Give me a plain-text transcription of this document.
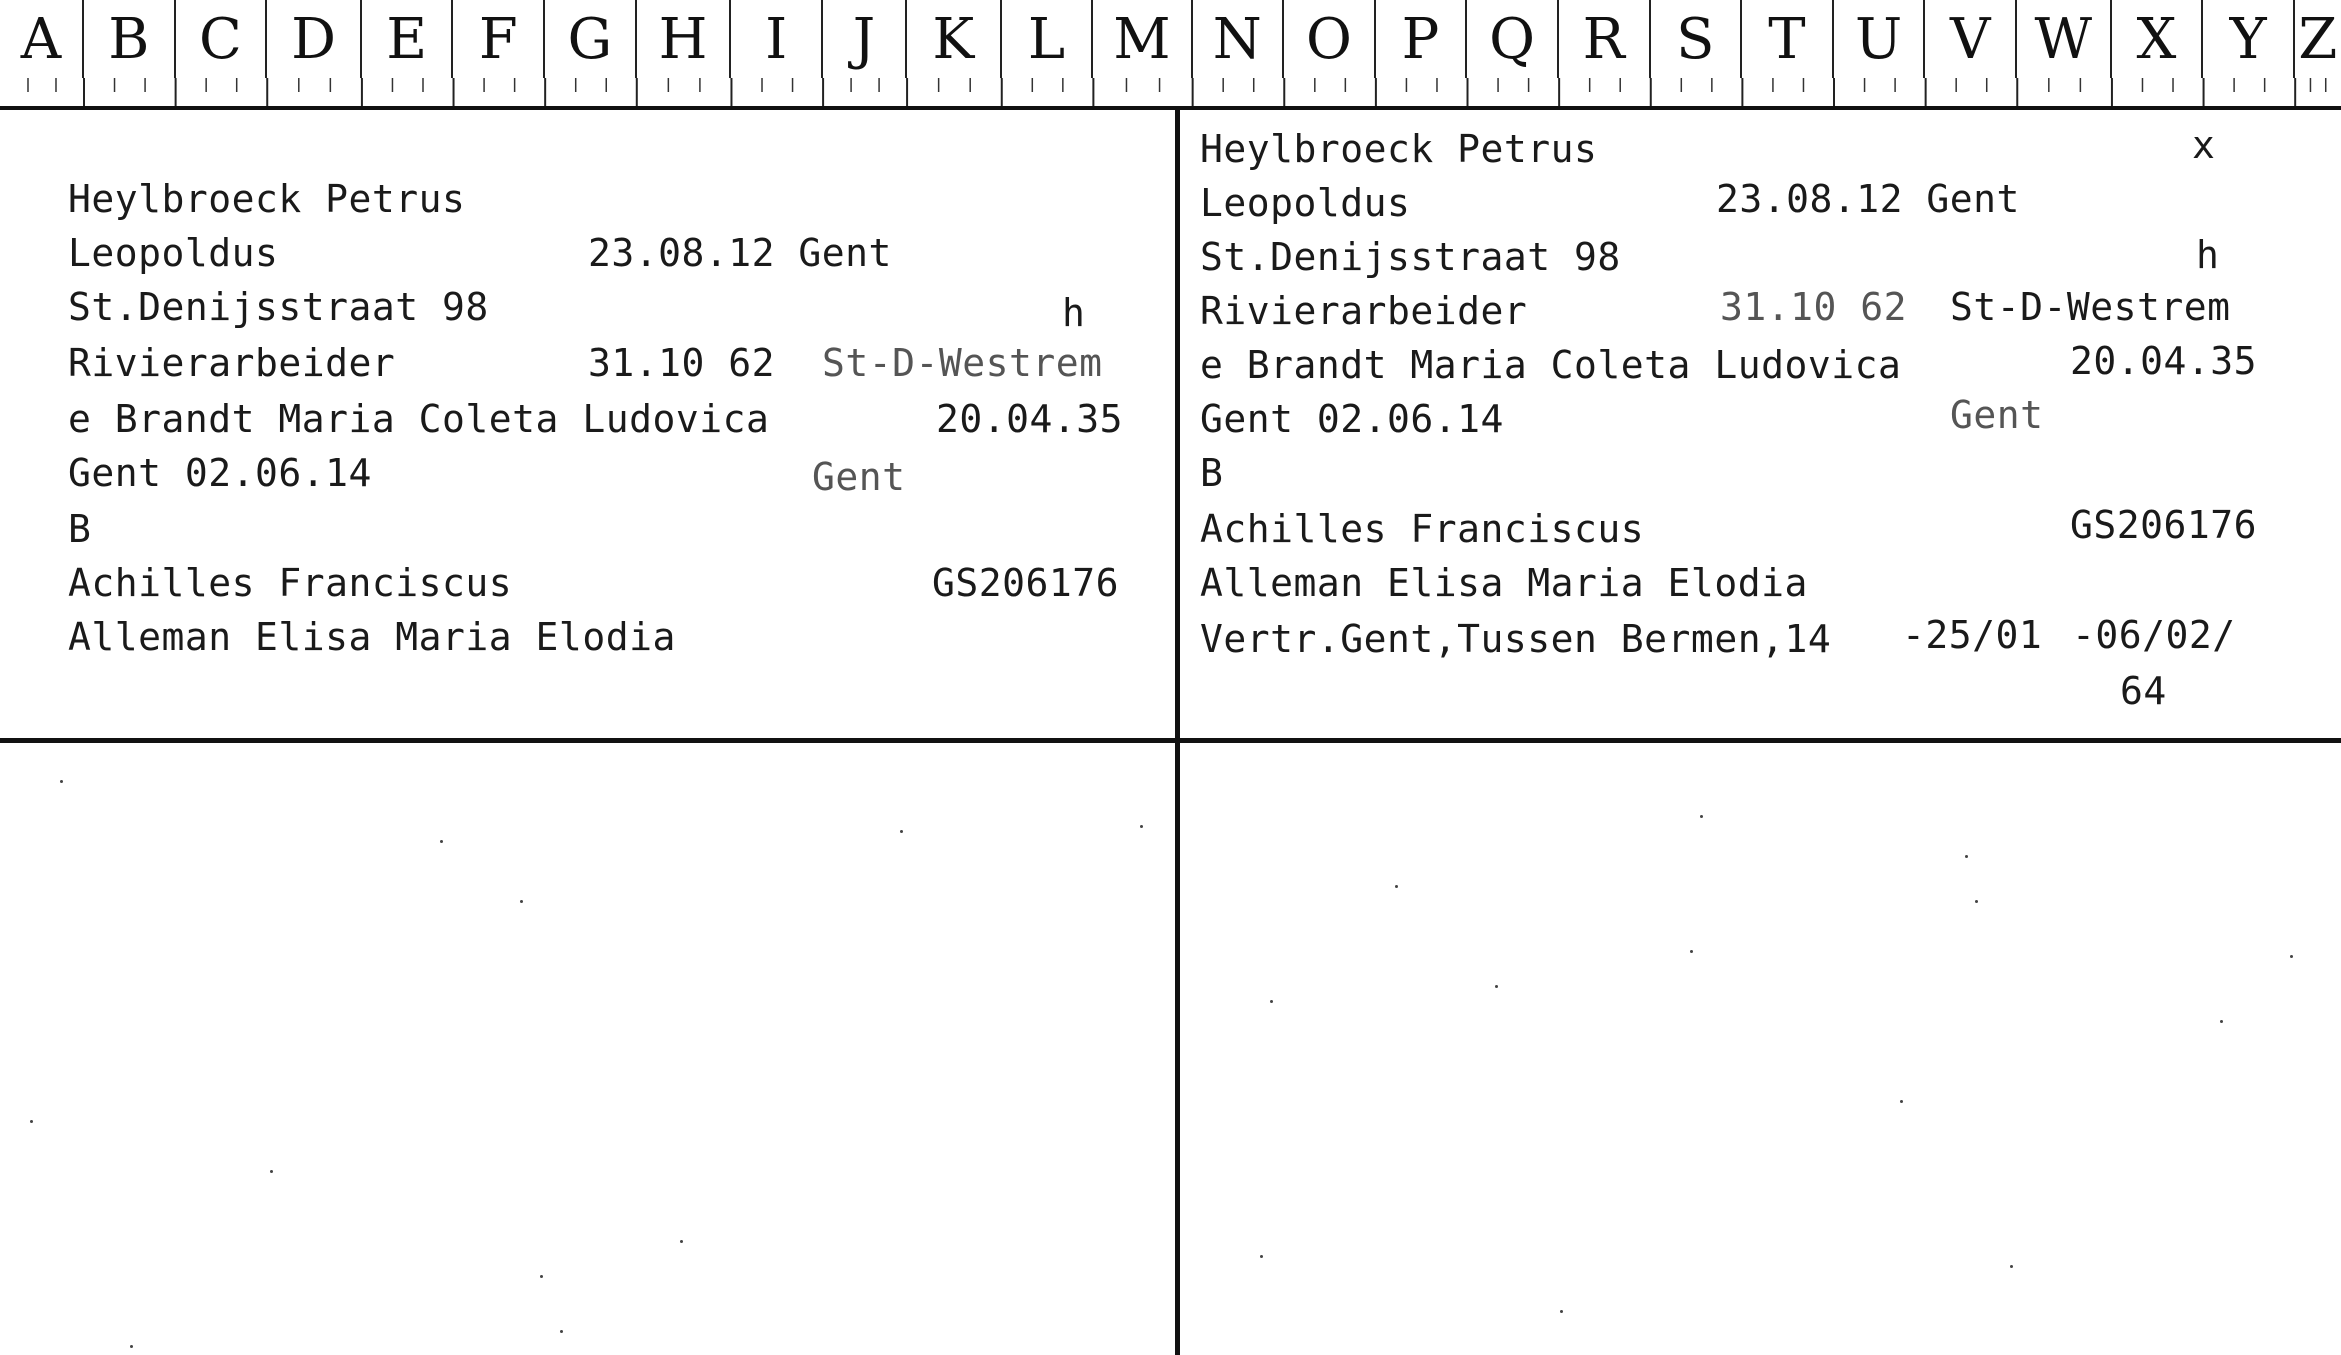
A B C D E F G H	I	J	K L M N O P Q R S T U V W X Y Z

Heylbroeck Petrus

Leopoldus

	23.08.12 Gent

St.Denijsstraat 98

	h

Rivierarbeider

	31.10 62

St-D-Westrem

e Brandt Maria Coleta Ludovica

	20.04.35

Gent 02.06.14

	Gent

B

Achilles Franciscus

	GS206176

Alleman Elisa Maria Elodia

Heylbroeck Petrus

	x

Leopoldus

	23.08.12 Gent

St.Denijsstraat 98

	h

Rivierarbeider

	31.10 62

St-D-Westrem

e Brandt Maria Coleta Ludovica

	20.04.35

Gent 02.06.14

	Gent

B

Achilles Franciscus

	GS206176

Alleman Elisa Maria Elodia

Vertr.Gent,Tussen Bermen,14

-25/01

-06/02/

64
